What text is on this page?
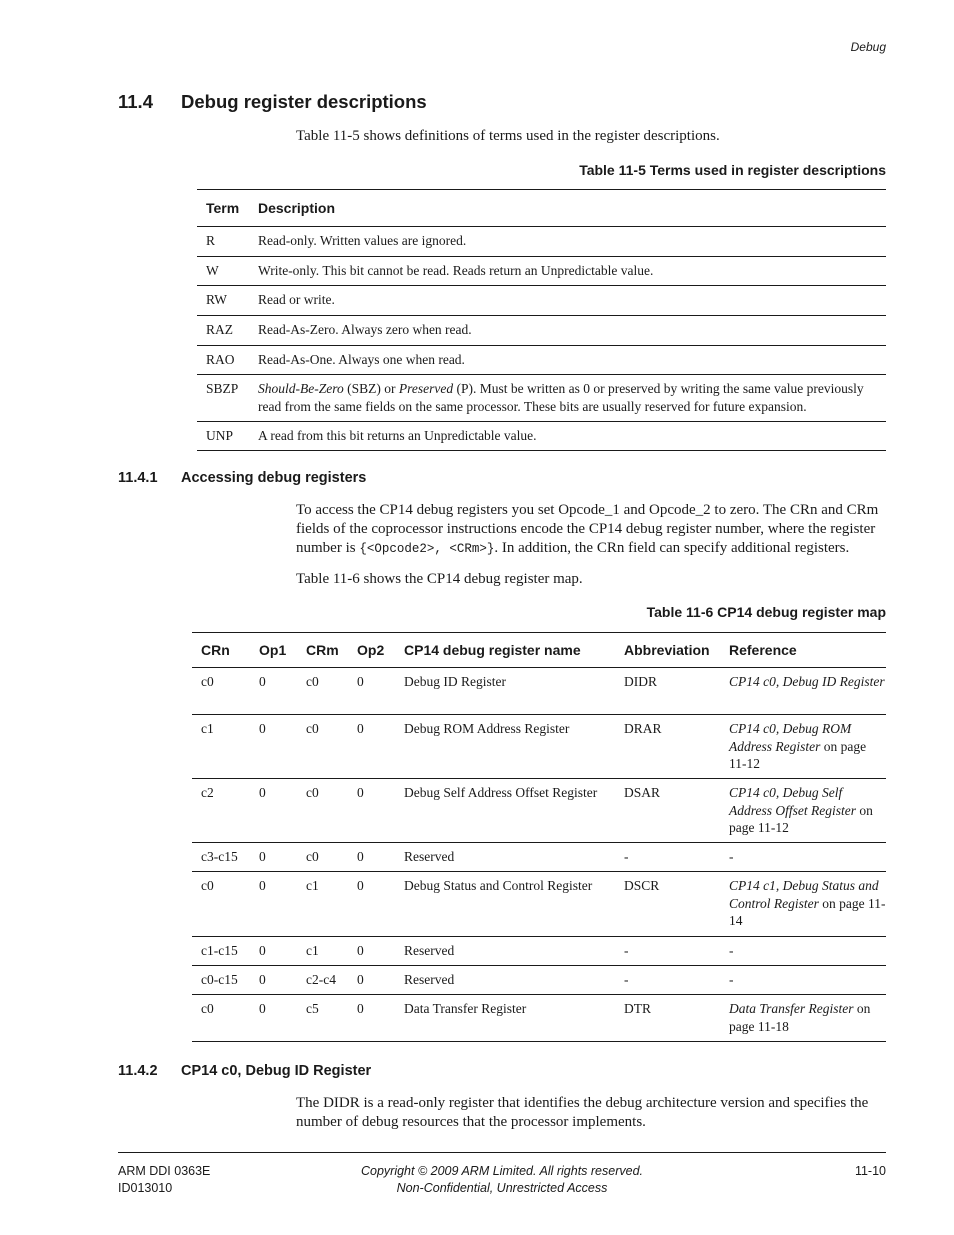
Debug
11.4 Debug register descriptions
Table 11-5 shows definitions of terms used in the register descriptions.
Table 11-5 Terms used in register descriptions
Term	Description
R	Read-only. Written values are ignored.
W	Write-only. This bit cannot be read. Reads return an Unpredictable value.
RW	Read or write.
RAZ	Read-As-Zero. Always zero when read.
RAO	Read-As-One. Always one when read.
SBZP	Should-Be-Zero (SBZ) or Preserved (P). Must be written as 0 or preserved by writing the same value previously read from the same fields on the same processor. These bits are usually reserved for future expansion.
UNP	A read from this bit returns an Unpredictable value.
11.4.1 Accessing debug registers
To access the CP14 debug registers you set Opcode_1 and Opcode_2 to zero. The CRn and CRm fields of the coprocessor instructions encode the CP14 debug register number, where the register number is {<Opcode2>, <CRm>}. In addition, the CRn field can specify additional registers.
Table 11-6 shows the CP14 debug register map.
Table 11-6 CP14 debug register map
CRn	Op1	CRm	Op2	CP14 debug register name	Abbreviation	Reference
c0	0	c0	0	Debug ID Register	DIDR	CP14 c0, Debug ID Register
c1	0	c0	0	Debug ROM Address Register	DRAR	CP14 c0, Debug ROM Address Register on page 11-12
c2	0	c0	0	Debug Self Address Offset Register	DSAR	CP14 c0, Debug Self Address Offset Register on page 11-12
c3-c15	0	c0	0	Reserved	-	-
c0	0	c1	0	Debug Status and Control Register	DSCR	CP14 c1, Debug Status and Control Register on page 11-14
c1-c15	0	c1	0	Reserved	-	-
c0-c15	0	c2-c4	0	Reserved	-	-
c0	0	c5	0	Data Transfer Register	DTR	Data Transfer Register on page 11-18
11.4.2 CP14 c0, Debug ID Register
The DIDR is a read-only register that identifies the debug architecture version and specifies the number of debug resources that the processor implements.
ARM DDI 0363E
ID013010
Copyright © 2009 ARM Limited. All rights reserved.
Non-Confidential, Unrestricted Access
11-10
